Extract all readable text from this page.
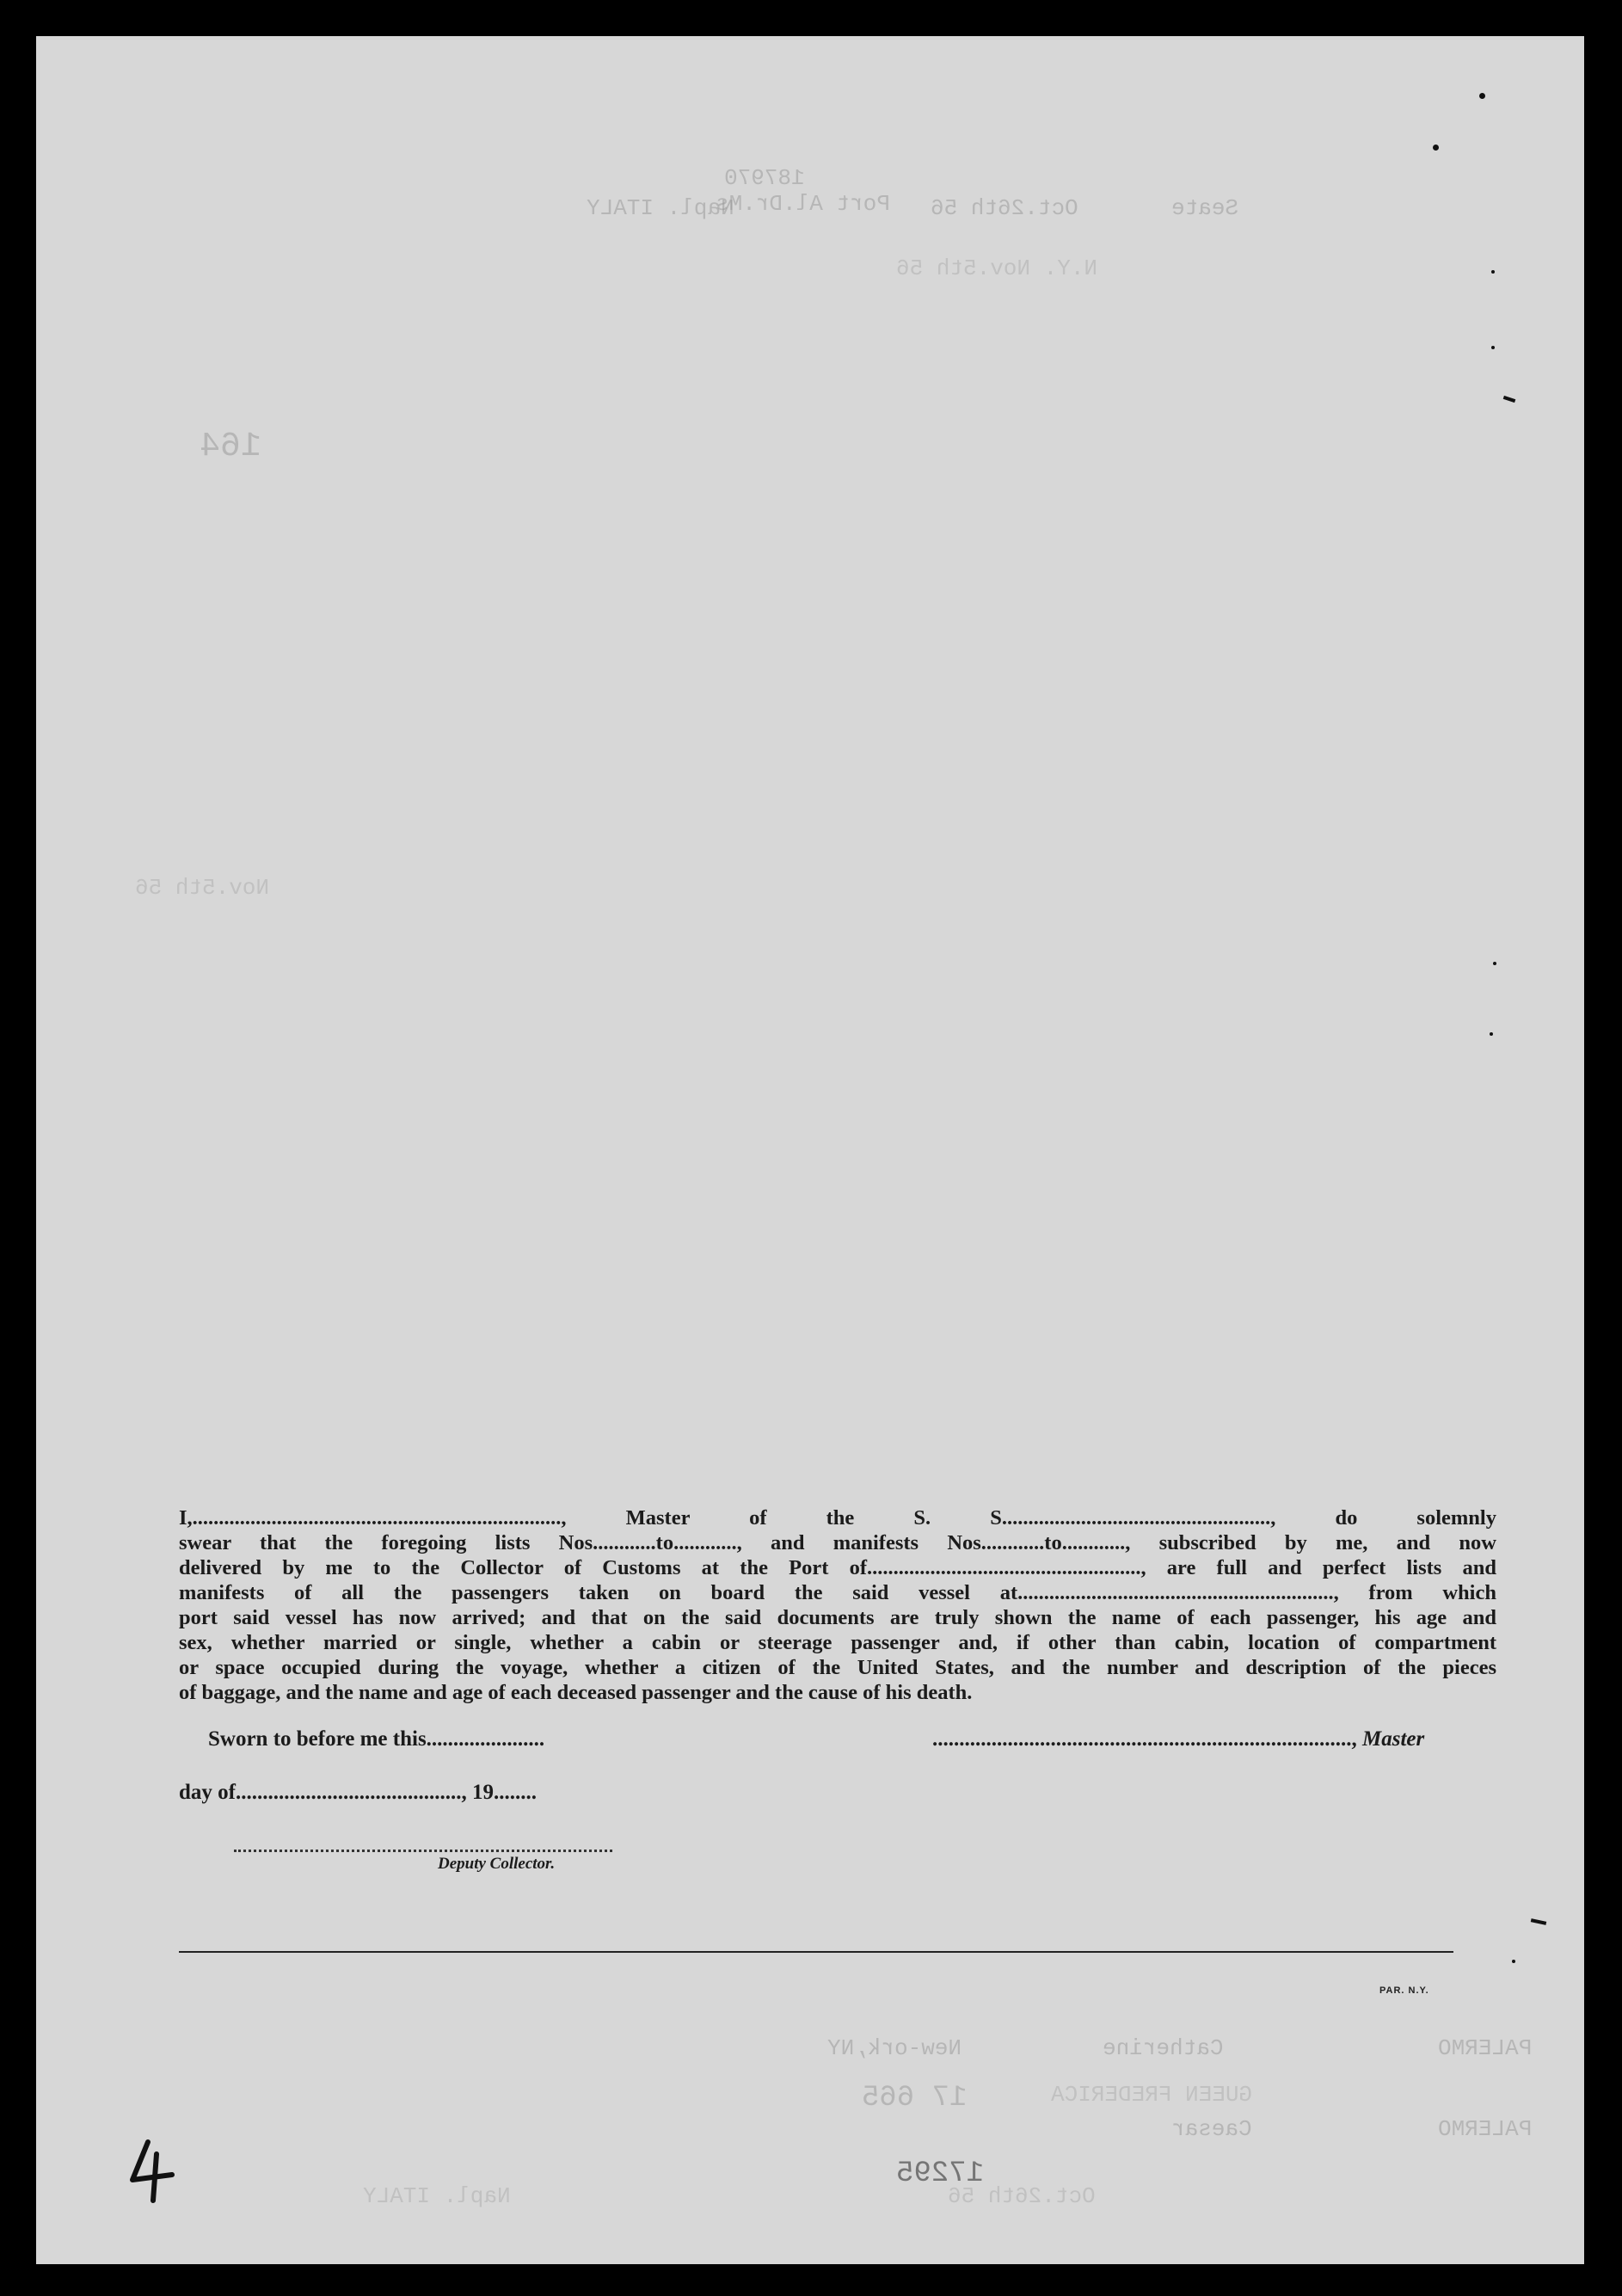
Oct.26th 56
Napl. ITALY	Seate
Port Al.Dr.Ms
187970
N.Y. Nov.5th 56
164
Nov.5th 56
PALERMO
Catherine
New-ork,NY
GUEEN FREDERICA
17 665
Caesar	PALERMO
17295
Oct.26th 56
Napl. ITALY
I,......................................................................, Master of the S. S..................................................., do solemnly
swear that the foregoing lists Nos............to............, and manifests Nos............to............, subscribed by me, and now
delivered by me to the Collector of Customs at the Port of...................................................., are full and perfect lists and
manifests of all the passengers taken on board the said vessel at............................................................, from which
port said vessel has now arrived; and that on the said documents are truly shown the name of each passenger, his age and
sex, whether married or single, whether a cabin or steerage passenger and, if other than cabin, location of compartment
or space occupied during the voyage, whether a citizen of the United States, and the number and description of the pieces
of baggage, and the name and age of each deceased passenger and the cause of his death.
Sworn to before me this......................	.............................................................................., Master
day of.........................................., 19........
Deputy Collector.
PAR. N.Y.
